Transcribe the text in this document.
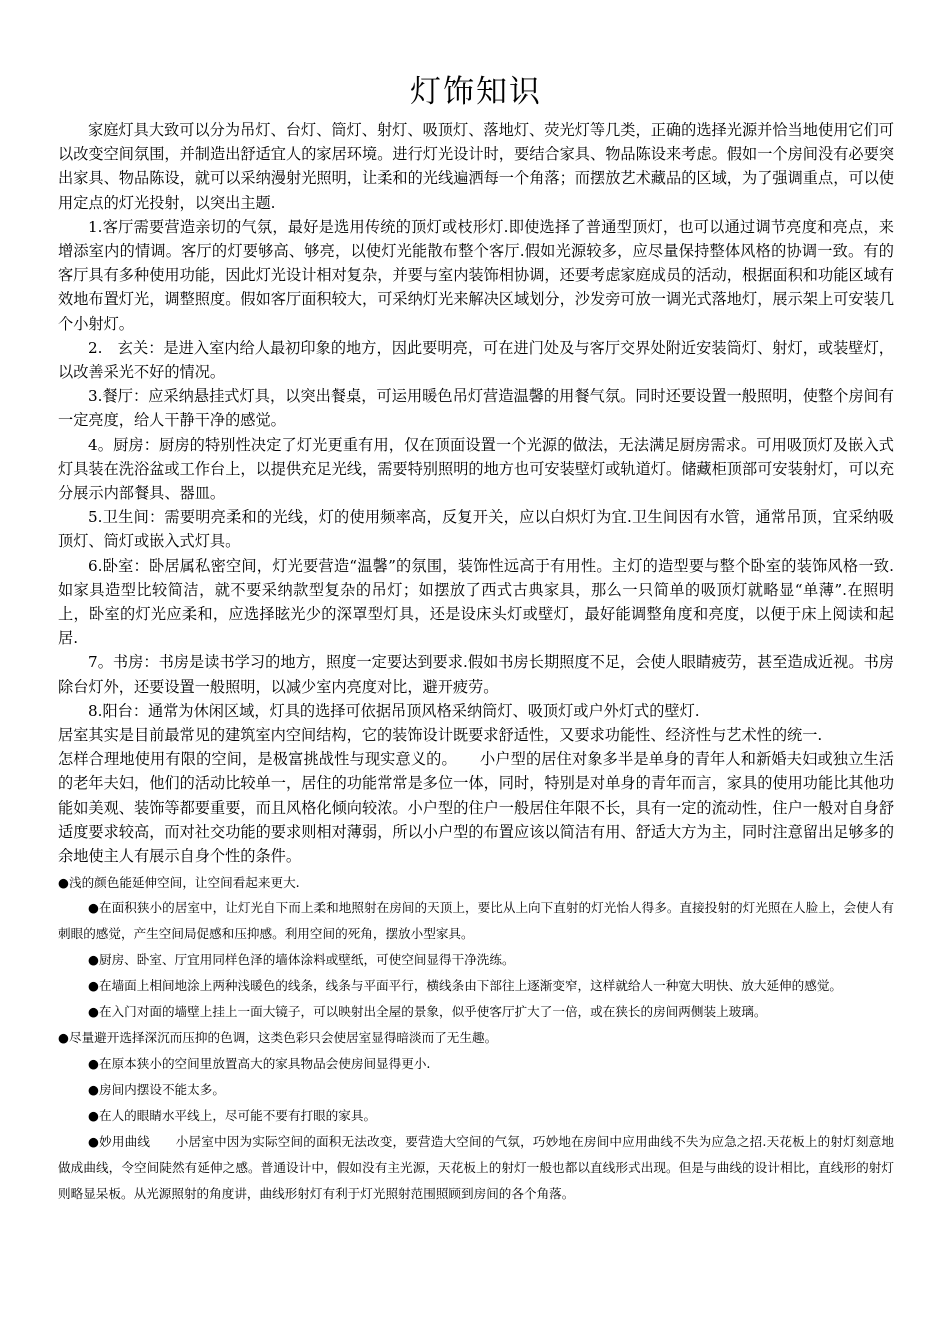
灯饰知识

家庭灯具大致可以分为吊灯、台灯、筒灯、射灯、吸顶灯、落地灯、荧光灯等几类，正确的选择光源并恰当地使用它们可以改变空间氛围，并制造出舒适宜人的家居环境。进行灯光设计时，要结合家具、物品陈设来考虑。假如一个房间没有必要突出家具、物品陈设，就可以采纳漫射光照明，让柔和的光线遍洒每一个角落；而摆放艺术藏品的区域，为了强调重点，可以使用定点的灯光投射，以突出主题.

1.客厅需要营造亲切的气氛，最好是选用传统的顶灯或枝形灯.即使选择了普通型顶灯，也可以通过调节亮度和亮点，来增添室内的情调。客厅的灯要够高、够亮，以使灯光能散布整个客厅.假如光源较多，应尽量保持整体风格的协调一致。有的客厅具有多种使用功能，因此灯光设计相对复杂，并要与室内装饰相协调，还要考虑家庭成员的活动，根据面积和功能区域有效地布置灯光，调整照度。假如客厅面积较大，可采纳灯光来解决区域划分，沙发旁可放一调光式落地灯，展示架上可安装几个小射灯。

2.　玄关：是进入室内给人最初印象的地方，因此要明亮，可在进门处及与客厅交界处附近安装筒灯、射灯，或装壁灯，以改善采光不好的情况。

3.餐厅：应采纳悬挂式灯具，以突出餐桌，可运用暖色吊灯营造温馨的用餐气氛。同时还要设置一般照明，使整个房间有一定亮度，给人干静干净的感觉。

4。厨房：厨房的特别性决定了灯光更重有用，仅在顶面设置一个光源的做法，无法满足厨房需求。可用吸顶灯及嵌入式灯具装在洗浴盆或工作台上，以提供充足光线，需要特别照明的地方也可安装壁灯或轨道灯。储藏柜顶部可安装射灯，可以充分展示内部餐具、器皿。

5.卫生间：需要明亮柔和的光线，灯的使用频率高，反复开关，应以白炽灯为宜.卫生间因有水管，通常吊顶，宜采纳吸顶灯、筒灯或嵌入式灯具。

6.卧室：卧居属私密空间，灯光要营造“温馨”的氛围，装饰性远高于有用性。主灯的造型要与整个卧室的装饰风格一致.如家具造型比较简洁，就不要采纳款型复杂的吊灯；如摆放了西式古典家具，那么一只简单的吸顶灯就略显“单薄”.在照明上，卧室的灯光应柔和，应选择眩光少的深罩型灯具，还是设床头灯或壁灯，最好能调整角度和亮度，以便于床上阅读和起居.

7。书房：书房是读书学习的地方，照度一定要达到要求.假如书房长期照度不足，会使人眼睛疲劳，甚至造成近视。书房除台灯外，还要设置一般照明，以减少室内亮度对比，避开疲劳。

8.阳台：通常为休闲区域，灯具的选择可依据吊顶风格采纳筒灯、吸顶灯或户外灯式的壁灯.

居室其实是目前最常见的建筑室内空间结构，它的装饰设计既要求舒适性，又要求功能性、经济性与艺术性的统一.

怎样合理地使用有限的空间，是极富挑战性与现实意义的。　　小户型的居住对象多半是单身的青年人和新婚夫妇或独立生活的老年夫妇，他们的活动比较单一，居住的功能常常是多位一体，同时，特别是对单身的青年而言，家具的使用功能比其他功能如美观、装饰等都要重要，而且风格化倾向较浓。小户型的住户一般居住年限不长，具有一定的流动性，住户一般对自身舒适度要求较高，而对社交功能的要求则相对薄弱，所以小户型的布置应该以简洁有用、舒适大方为主，同时注意留出足够多的余地使主人有展示自身个性的条件。

●浅的颜色能延伸空间，让空间看起来更大.

●在面积狭小的居室中，让灯光自下而上柔和地照射在房间的天顶上，要比从上向下直射的灯光怡人得多。直接投射的灯光照在人脸上，会使人有刺眼的感觉，产生空间局促感和压抑感。利用空间的死角，摆放小型家具。

●厨房、卧室、厅宜用同样色泽的墙体涂料或壁纸，可使空间显得干净洗练。

●在墙面上相间地涂上两种浅暖色的线条，线条与平面平行，横线条由下部往上逐渐变窄，这样就给人一种宽大明快、放大延伸的感觉。

●在入门对面的墙壁上挂上一面大镜子，可以映射出全屋的景象，似乎使客厅扩大了一倍，或在狭长的房间两侧装上玻璃。

●尽量避开选择深沉而压抑的色调，这类色彩只会使居室显得暗淡而了无生趣。

●在原本狭小的空间里放置高大的家具物品会使房间显得更小.

●房间内摆设不能太多。

●在人的眼睛水平线上，尽可能不要有打眼的家具。

●妙用曲线　　小居室中因为实际空间的面积无法改变，要营造大空间的气氛，巧妙地在房间中应用曲线不失为应急之招.天花板上的射灯刻意地做成曲线，令空间陡然有延伸之感。普通设计中，假如没有主光源，天花板上的射灯一般也都以直线形式出现。但是与曲线的设计相比，直线形的射灯则略显呆板。从光源照射的角度讲，曲线形射灯有利于灯光照射范围照顾到房间的各个角落。
